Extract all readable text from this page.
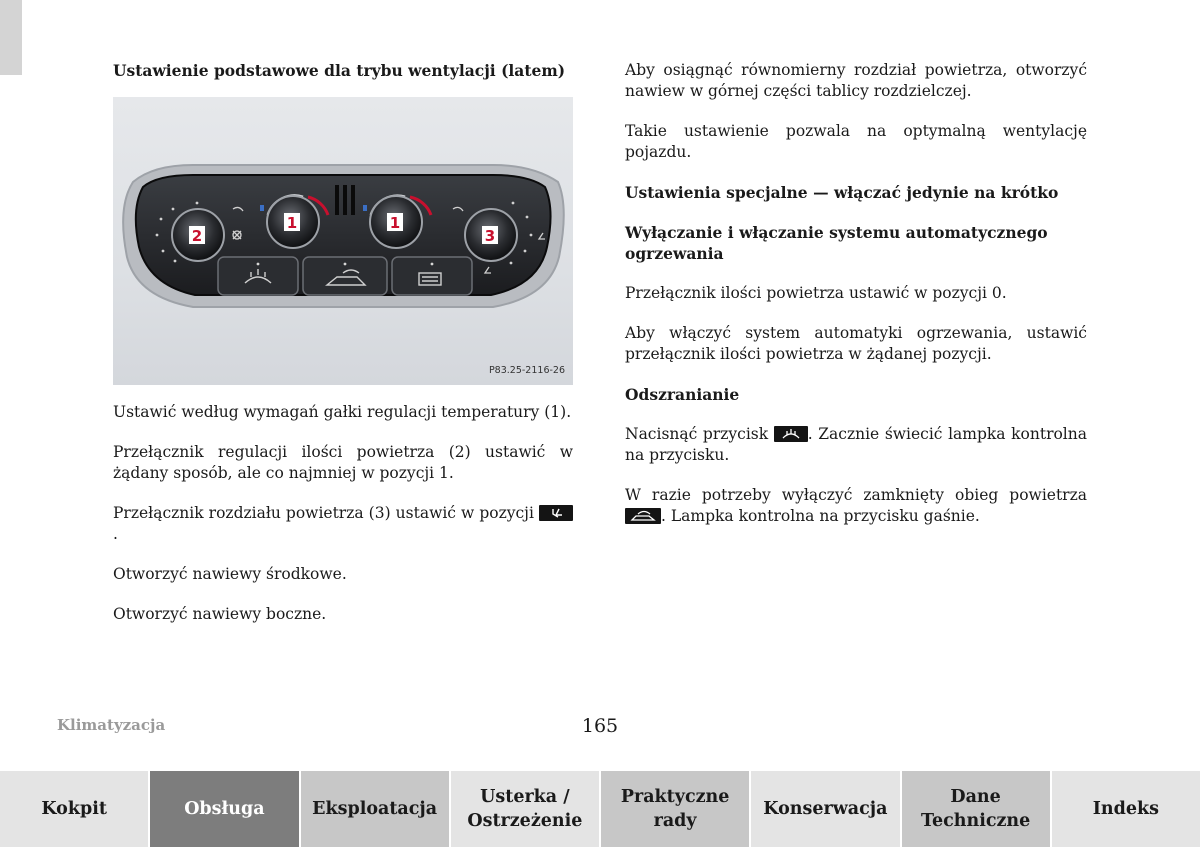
Ustawienie podstawowe dla trybu wentylacji (latem)

2
1	1
3
P83.25-2116-26

Ustawić według wymagań gałki regulacji temperatury (1).

Przełącznik regulacji ilości powietrza (2) ustawić w żądany sposób, ale co najmniej w pozycji 1.

Przełącznik rozdziału powietrza (3) ustawić w pozycji
.

Otworzyć nawiewy środkowe.

Otworzyć nawiewy boczne.

Aby osiągnąć równomierny rozdział powietrza, otworzyć nawiew w górnej części tablicy rozdzielczej.

Takie ustawienie pozwala na optymalną wentylację pojazdu.

Ustawienia specjalne — włączać jedynie na krótko

Wyłączanie i włączanie systemu automatycznego ogrzewania

Przełącznik ilości powietrza ustawić w pozycji 0.

Aby włączyć system automatyki ogrzewania, ustawić przełącznik ilości powietrza w żądanej pozycji.

Odszranianie

Nacisnąć przycisk
. Zacznie świecić lampka kontrolna na przycisku.

W razie potrzeby wyłączyć zamknięty obieg powietrza
. Lampka kontrolna na przycisku gaśnie.

Klimatyzacja	165
Kokpit	Obsługa	Eksploatacja
Usterka /
Ostrzeżenie
Praktyczne
rady
Konserwacja
Dane
Techniczne
Indeks
